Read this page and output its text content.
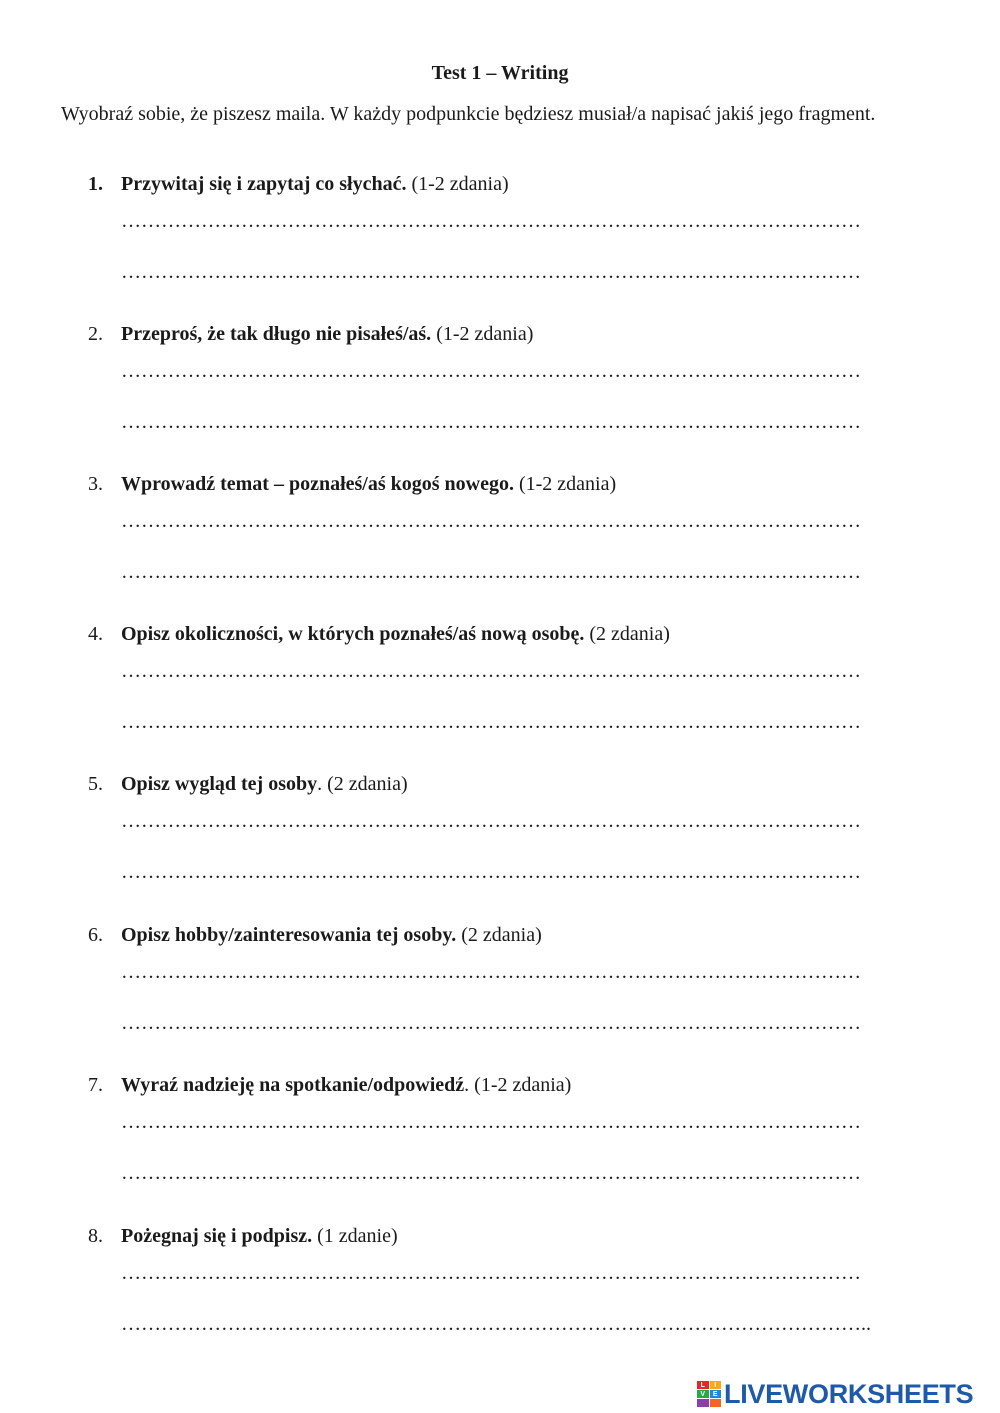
Test 1 – Writing
Wyobraź sobie, że piszesz maila. W każdy podpunkcie będziesz musiał/a napisać jakiś jego fragment.
1. Przywitaj się i zapytaj co słychać. (1-2 zdania)
…………………………………………………………………………………………………
…………………………………………………………………………………………………
2. Przeproś, że tak długo nie pisałeś/aś. (1-2 zdania)
…………………………………………………………………………………………………
…………………………………………………………………………………………………
3. Wprowadź temat – poznałeś/aś kogoś nowego. (1-2 zdania)
…………………………………………………………………………………………………
…………………………………………………………………………………………………
4. Opisz okoliczności, w których poznałeś/aś nową osobę. (2 zdania)
…………………………………………………………………………………………………
…………………………………………………………………………………………………
5. Opisz wygląd tej osoby. (2 zdania)
…………………………………………………………………………………………………
…………………………………………………………………………………………………
6. Opisz hobby/zainteresowania tej osoby. (2 zdania)
…………………………………………………………………………………………………
…………………………………………………………………………………………………
7. Wyraź nadzieję na spotkanie/odpowiedź. (1-2 zdania)
…………………………………………………………………………………………………
…………………………………………………………………………………………………
8. Pożegnaj się i podpisz. (1 zdanie)
…………………………………………………………………………………………………
…………………………………………………………………………………………………..
L	I
V	E LIVEWORKSHEETS
